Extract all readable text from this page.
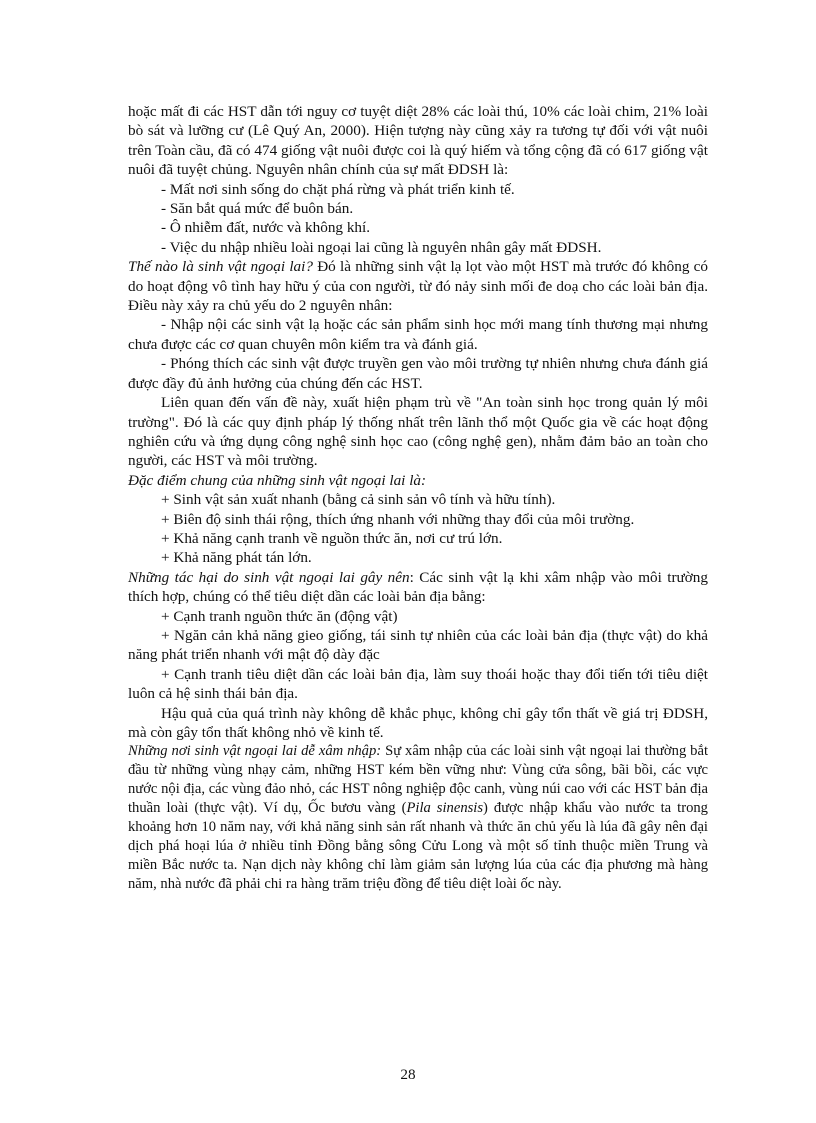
hoặc mất đi các HST dẫn tới nguy cơ tuyệt diệt 28% các loài thú, 10% các loài chim, 21% loài bò sát và lưỡng cư (Lê Quý An, 2000). Hiện tượng này cũng xảy ra tương tự đối với vật nuôi trên Toàn cầu, đã có 474 giống vật nuôi được coi là quý hiếm và tổng cộng đã có 617 giống vật nuôi đã tuyệt chủng. Nguyên nhân chính của sự mất ĐDSH là:

- Mất nơi sinh sống do chặt phá rừng và phát triển kinh tế.

- Săn bắt quá mức để buôn bán.

- Ô nhiễm đất, nước và không khí.

- Việc du nhập nhiều loài ngoại lai cũng là nguyên nhân gây mất ĐDSH.

Thế nào là sinh vật ngoại lai? Đó là những sinh vật lạ lọt vào một HST mà trước đó không có do hoạt động vô tình hay hữu ý của con người, từ đó nảy sinh mối đe doạ cho các loài bản địa. Điều này xảy ra chủ yếu do 2 nguyên nhân:

- Nhập nội các sinh vật lạ hoặc các sản phẩm sinh học mới mang tính thương mại nhưng chưa được các cơ quan chuyên môn kiểm tra và đánh giá.

- Phóng thích các sinh vật được truyền gen vào môi trường tự nhiên nhưng chưa đánh giá được đầy đủ ảnh hưởng của chúng đến các HST.

Liên quan đến vấn đề này, xuất hiện phạm trù về "An toàn sinh học trong quản lý môi trường". Đó là các quy định pháp lý thống nhất trên lãnh thổ một Quốc gia về các hoạt động nghiên cứu và ứng dụng công nghệ sinh học cao (công nghệ gen), nhằm đảm bảo an toàn cho người, các HST và môi trường.

Đặc điểm chung của những sinh vật ngoại lai là:

+ Sinh vật sản xuất nhanh (bằng cả sinh sản vô tính và hữu tính).

+ Biên độ sinh thái rộng, thích ứng nhanh với những thay đổi của môi trường.

+ Khả năng cạnh tranh về nguồn thức ăn, nơi cư trú lớn.

+ Khả năng phát tán lớn.

Những tác hại do sinh vật ngoại lai gây nên: Các sinh vật lạ khi xâm nhập vào môi trường thích hợp, chúng có thể tiêu diệt dần các loài bản địa bằng:

+ Cạnh tranh nguồn thức ăn (động vật)

+ Ngăn cản khả năng gieo giống, tái sinh tự nhiên của các loài bản địa (thực vật) do khả năng phát triển nhanh với mật độ dày đặc

+ Cạnh tranh tiêu diệt dần các loài bản địa, làm suy thoái hoặc thay đổi tiến tới tiêu diệt luôn cả hệ sinh thái bản địa.

Hậu quả của quá trình này không dễ khắc phục, không chỉ gây tổn thất về giá trị ĐDSH, mà còn gây tổn thất không nhỏ về kinh tế.

Những nơi sinh vật ngoại lai dễ xâm nhập: Sự xâm nhập của các loài sinh vật ngoại lai thường bắt đầu từ những vùng nhạy cảm, những HST kém bền vững như: Vùng cửa sông, bãi bồi, các vực nước nội địa, các vùng đảo nhỏ, các HST nông nghiệp độc canh, vùng núi cao với các HST bản địa thuần loài (thực vật). Ví dụ, Ốc bươu vàng (Pila sinensis) được nhập khẩu vào nước ta trong khoảng hơn 10 năm nay, với khả năng sinh sản rất nhanh và thức ăn chủ yếu là lúa đã gây nên đại dịch phá hoại lúa ở nhiều tỉnh Đồng bằng sông Cửu Long và một số tỉnh thuộc miền Trung và miền Bắc nước ta. Nạn dịch này không chỉ làm giảm sản lượng lúa của các địa phương mà hàng năm, nhà nước đã phải chi ra hàng trăm triệu đồng để tiêu diệt loài ốc này.

28
